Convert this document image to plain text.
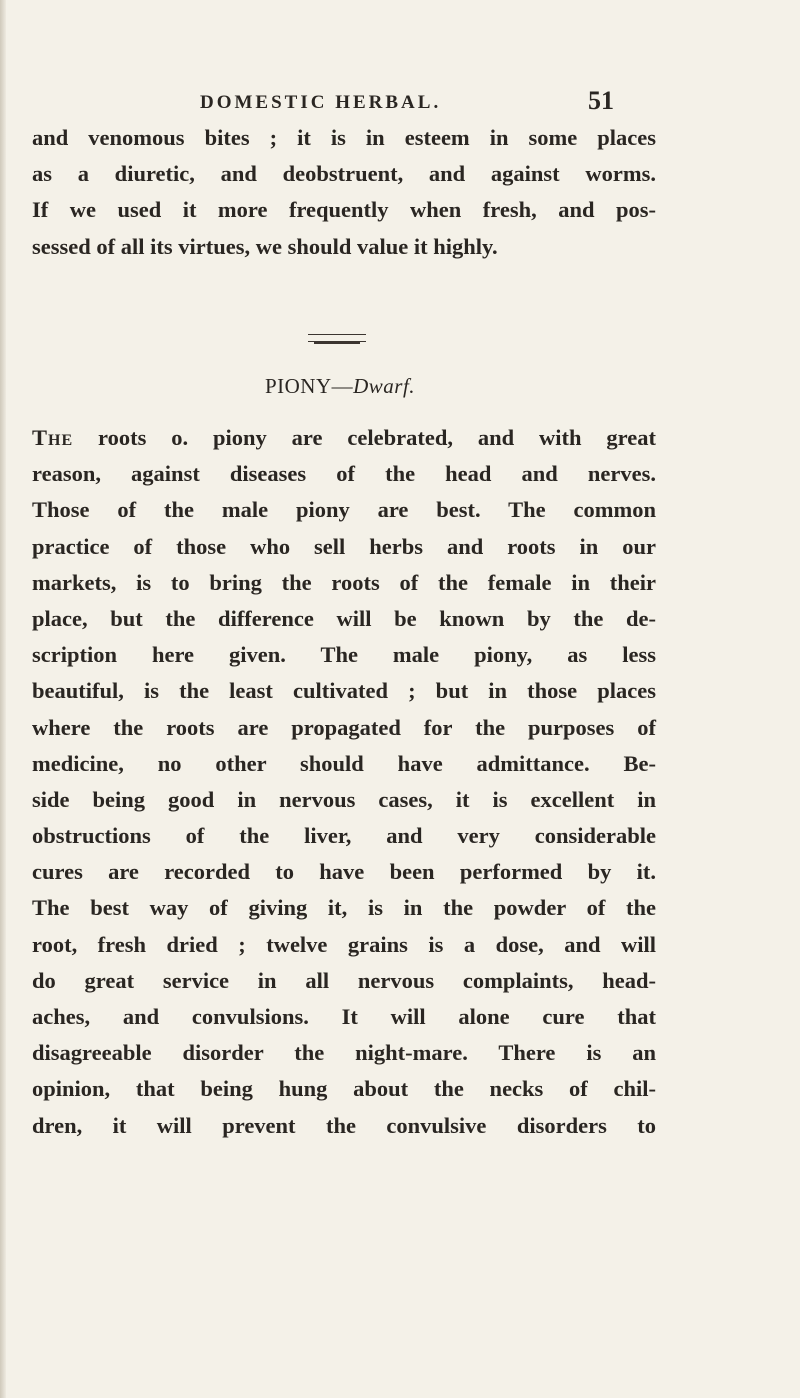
DOMESTIC HERBAL.	51
and venomous bites ; it is in esteem in some places
as a diuretic, and deobstruent, and against worms.
If we used it more frequently when fresh, and pos-
sessed of all its virtues, we should value it highly.
PIONY—Dwarf.
The roots o. piony are celebrated, and with great
reason, against diseases of the head and nerves.
Those of the male piony are best. The common
practice of those who sell herbs and roots in our
markets, is to bring the roots of the female in their
place, but the difference will be known by the de-
scription here given. The male piony, as less
beautiful, is the least cultivated ; but in those places
where the roots are propagated for the purposes of
medicine, no other should have admittance. Be-
side being good in nervous cases, it is excellent in
obstructions of the liver, and very considerable
cures are recorded to have been performed by it.
The best way of giving it, is in the powder of the
root, fresh dried ; twelve grains is a dose, and will
do great service in all nervous complaints, head-
aches, and convulsions. It will alone cure that
disagreeable disorder the night-mare. There is an
opinion, that being hung about the necks of chil-
dren, it will prevent the convulsive disorders to
